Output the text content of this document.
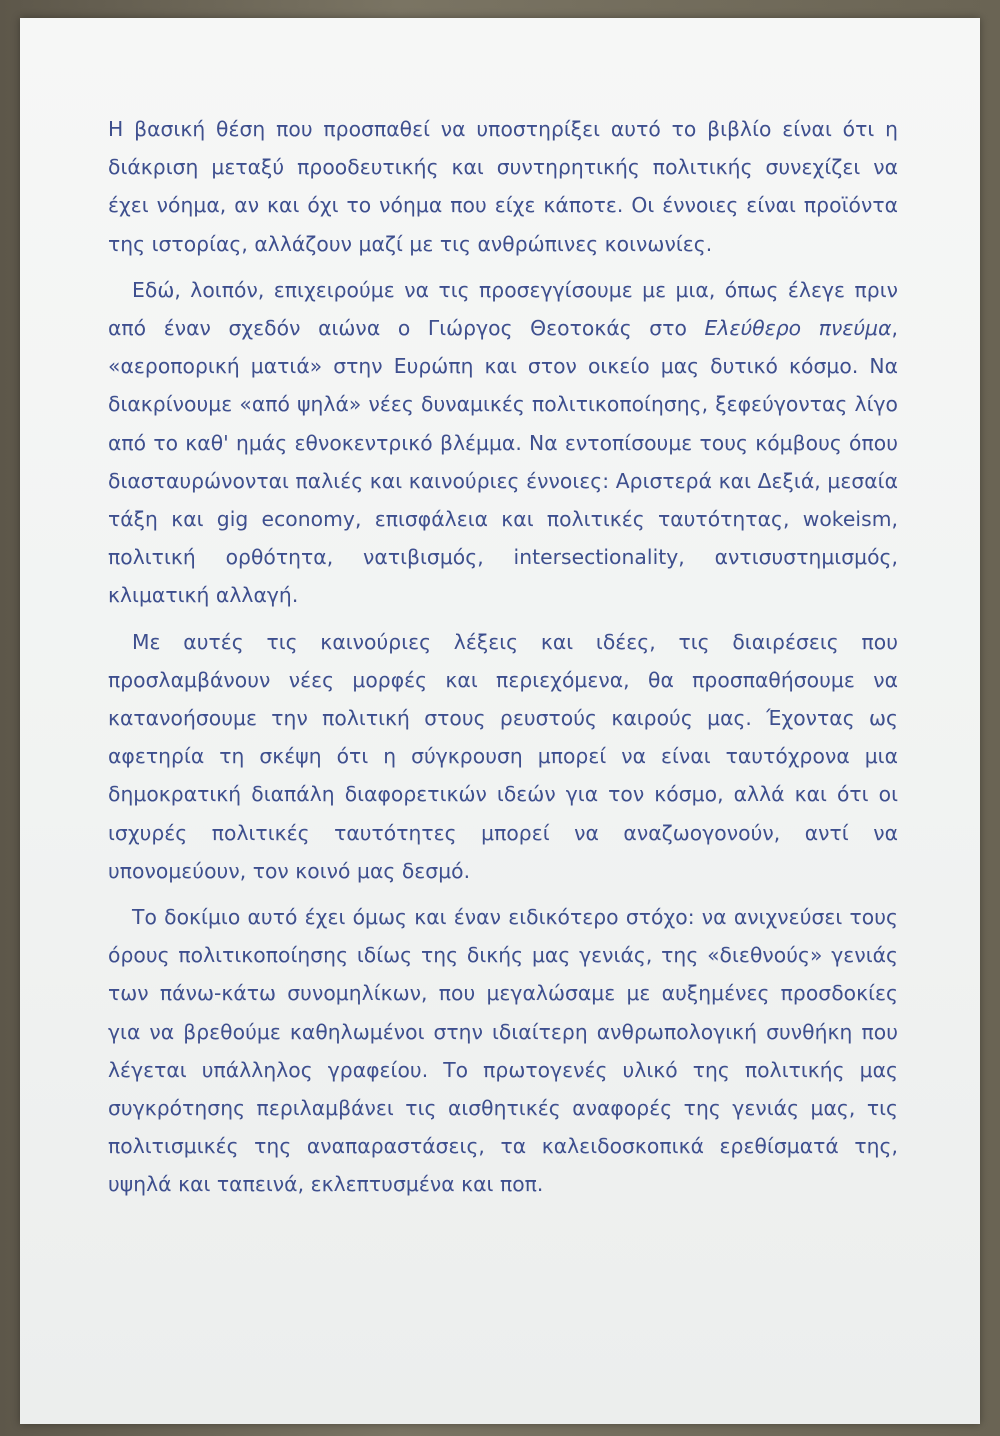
Η βασική θέση που προσπαθεί να υποστηρίξει αυτό το βιβλίο είναι ότι η διάκριση μεταξύ προοδευτικής και συντηρητικής πολιτικής συνεχίζει να έχει νόημα, αν και όχι το νόημα που είχε κάποτε. Οι έννοιες είναι προϊόντα της ιστορίας, αλλάζουν μαζί με τις ανθρώπινες κοινωνίες.

Εδώ, λοιπόν, επιχειρούμε να τις προσεγγίσουμε με μια, όπως έλεγε πριν από έναν σχεδόν αιώνα ο Γιώργος Θεοτοκάς στο Ελεύθερο πνεύμα, «αεροπορική ματιά» στην Ευρώπη και στον οικείο μας δυτικό κόσμο. Να διακρίνουμε «από ψηλά» νέες δυναμικές πολιτικοποίησης, ξεφεύγοντας λίγο από το καθ' ημάς εθνοκεντρικό βλέμμα. Να εντοπίσουμε τους κόμβους όπου διασταυρώνονται παλιές και καινούριες έννοιες: Αριστερά και Δεξιά, μεσαία τάξη και gig economy, επισφάλεια και πολιτικές ταυτότητας, wokeism, πολιτική ορθότητα, νατιβισμός, intersectionality, αντισυστημισμός, κλιματική αλλαγή.

Με αυτές τις καινούριες λέξεις και ιδέες, τις διαιρέσεις που προσλαμβάνουν νέες μορφές και περιεχόμενα, θα προσπαθήσουμε να κατανοήσουμε την πολιτική στους ρευστούς καιρούς μας. Έχοντας ως αφετηρία τη σκέψη ότι η σύγκρουση μπορεί να είναι ταυτόχρονα μια δημοκρατική διαπάλη διαφορετικών ιδεών για τον κόσμο, αλλά και ότι οι ισχυρές πολιτικές ταυτότητες μπορεί να αναζωογονούν, αντί να υπονομεύουν, τον κοινό μας δεσμό.

Το δοκίμιο αυτό έχει όμως και έναν ειδικότερο στόχο: να ανιχνεύσει τους όρους πολιτικοποίησης ιδίως της δικής μας γενιάς, της «διεθνούς» γενιάς των πάνω-κάτω συνομηλίκων, που μεγαλώσαμε με αυξημένες προσδοκίες για να βρεθούμε καθηλωμένοι στην ιδιαίτερη ανθρωπολογική συνθήκη που λέγεται υπάλληλος γραφείου. Το πρωτογενές υλικό της πολιτικής μας συγκρότησης περιλαμβάνει τις αισθητικές αναφορές της γενιάς μας, τις πολιτισμικές της αναπαραστάσεις, τα καλειδοσκοπικά ερεθίσματά της, υψηλά και ταπεινά, εκλεπτυσμένα και ποπ.
